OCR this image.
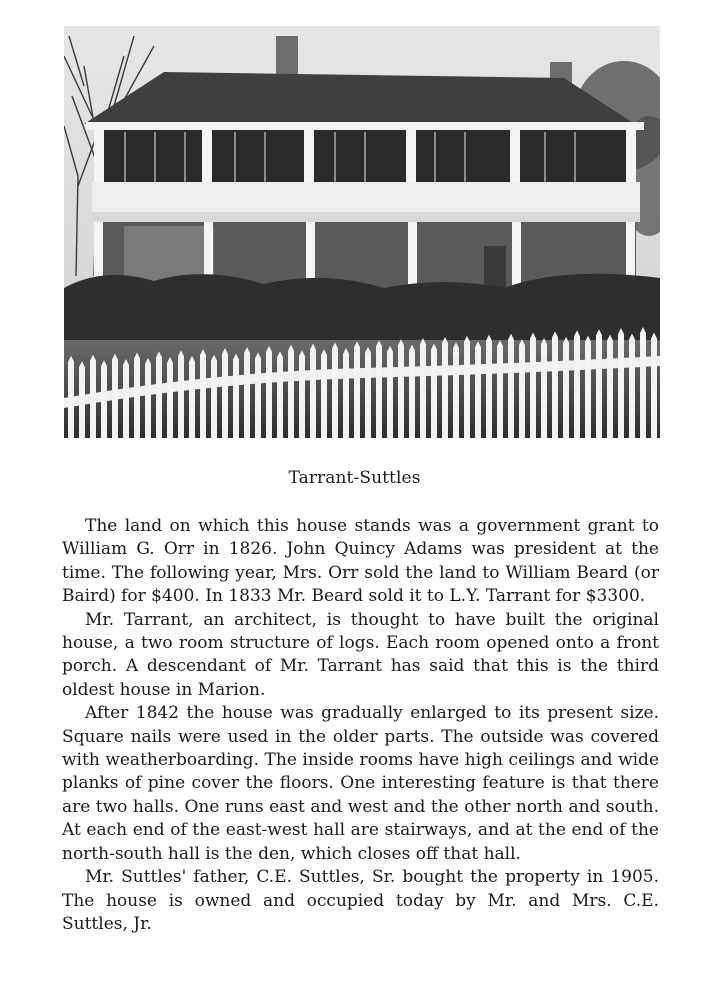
Tarrant-Suttles

The land on which this house stands was a government grant to William G. Orr in 1826. John Quincy Adams was president at the time. The following year, Mrs. Orr sold the land to William Beard (or Baird) for $400. In 1833 Mr. Beard sold it to L.Y. Tarrant for $3300.

Mr. Tarrant, an architect, is thought to have built the original house, a two room structure of logs. Each room opened onto a front porch. A descendant of Mr. Tarrant has said that this is the third oldest house in Marion.

After 1842 the house was gradually enlarged to its present size. Square nails were used in the older parts. The outside was covered with weatherboarding. The inside rooms have high ceilings and wide planks of pine cover the floors. One interesting feature is that there are two halls. One runs east and west and the other north and south. At each end of the east-west hall are stairways, and at the end of the north-south hall is the den, which closes off that hall.

Mr. Suttles' father, C.E. Suttles, Sr. bought the property in 1905. The house is owned and occupied today by Mr. and Mrs. C.E. Suttles, Jr.
